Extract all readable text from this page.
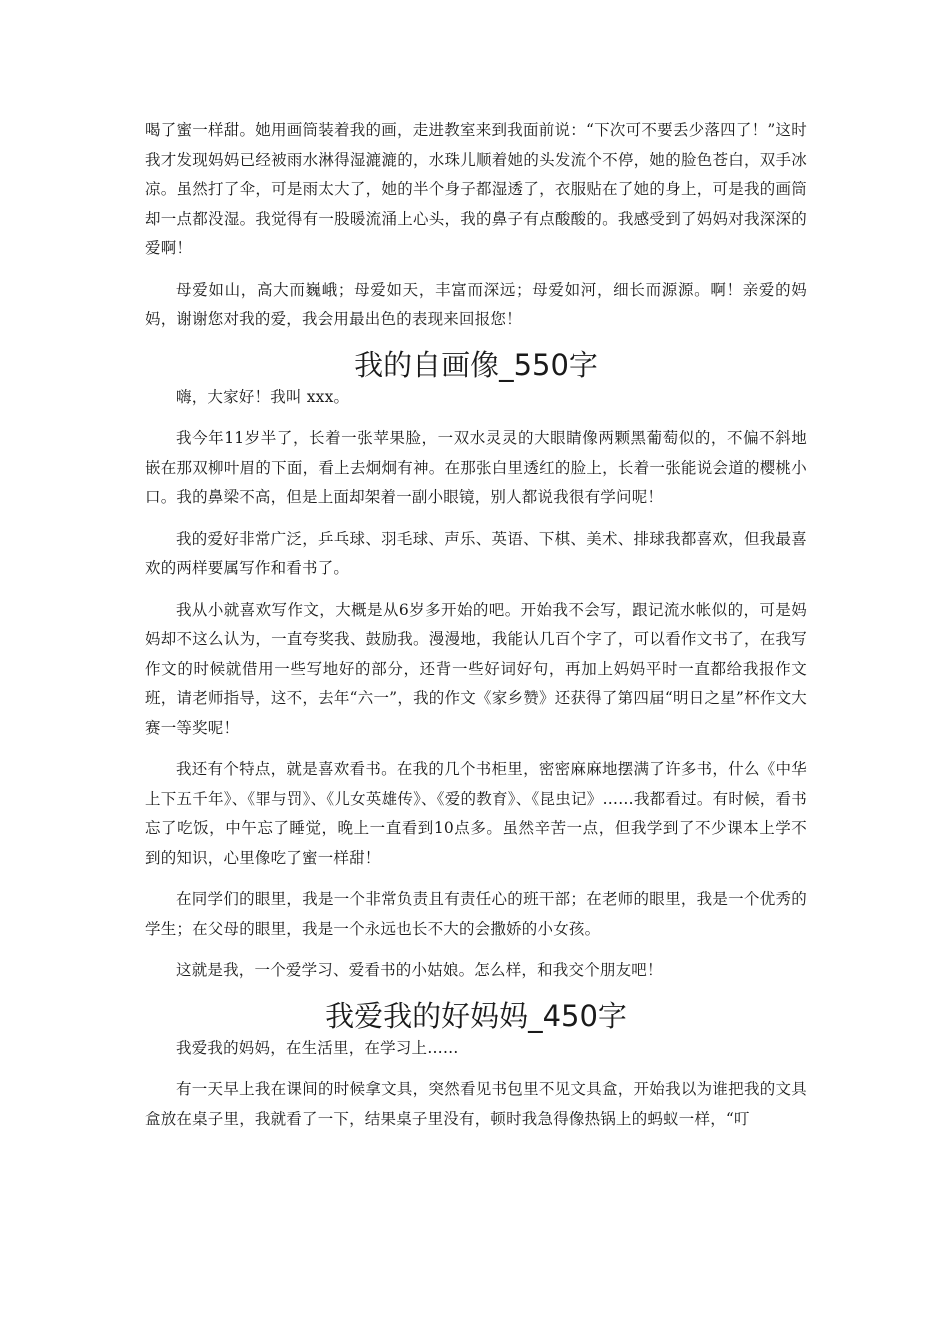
喝了蜜一样甜。她用画筒装着我的画，走进教室来到我面前说：“下次可不要丢少落四了！”这时我才发现妈妈已经被雨水淋得湿漉漉的，水珠儿顺着她的头发流个不停，她的脸色苍白，双手冰凉。虽然打了伞，可是雨太大了，她的半个身子都湿透了，衣服贴在了她的身上，可是我的画筒却一点都没湿。我觉得有一股暖流涌上心头，我的鼻子有点酸酸的。我感受到了妈妈对我深深的爱啊！

母爱如山，高大而巍峨；母爱如天，丰富而深远；母爱如河，细长而源源。啊！亲爱的妈妈，谢谢您对我的爱，我会用最出色的表现来回报您！

我的自画像_550字

嗨，大家好！我叫 xxx。

我今年11岁半了，长着一张苹果脸，一双水灵灵的大眼睛像两颗黑葡萄似的，不偏不斜地嵌在那双柳叶眉的下面，看上去炯炯有神。在那张白里透红的脸上，长着一张能说会道的樱桃小口。我的鼻梁不高，但是上面却架着一副小眼镜，别人都说我很有学问呢！

我的爱好非常广泛，乒乓球、羽毛球、声乐、英语、下棋、美术、排球我都喜欢，但我最喜欢的两样要属写作和看书了。

我从小就喜欢写作文，大概是从6岁多开始的吧。开始我不会写，跟记流水帐似的，可是妈妈却不这么认为，一直夸奖我、鼓励我。漫漫地，我能认几百个字了，可以看作文书了，在我写作文的时候就借用一些写地好的部分，还背一些好词好句，再加上妈妈平时一直都给我报作文班，请老师指导，这不，去年“六一”，我的作文《家乡赞》还获得了第四届“明日之星”杯作文大赛一等奖呢！

我还有个特点，就是喜欢看书。在我的几个书柜里，密密麻麻地摆满了许多书，什么《中华上下五千年》、《罪与罚》、《儿女英雄传》、《爱的教育》、《昆虫记》……我都看过。有时候，看书忘了吃饭，中午忘了睡觉，晚上一直看到10点多。虽然辛苦一点，但我学到了不少课本上学不到的知识，心里像吃了蜜一样甜！

在同学们的眼里，我是一个非常负责且有责任心的班干部；在老师的眼里，我是一个优秀的学生；在父母的眼里，我是一个永远也长不大的会撒娇的小女孩。

这就是我，一个爱学习、爱看书的小姑娘。怎么样，和我交个朋友吧！

我爱我的好妈妈_450字

我爱我的妈妈，在生活里，在学习上……

有一天早上我在课间的时候拿文具，突然看见书包里不见文具盒，开始我以为谁把我的文具盒放在桌子里，我就看了一下，结果桌子里没有，顿时我急得像热锅上的蚂蚁一样，“叮
